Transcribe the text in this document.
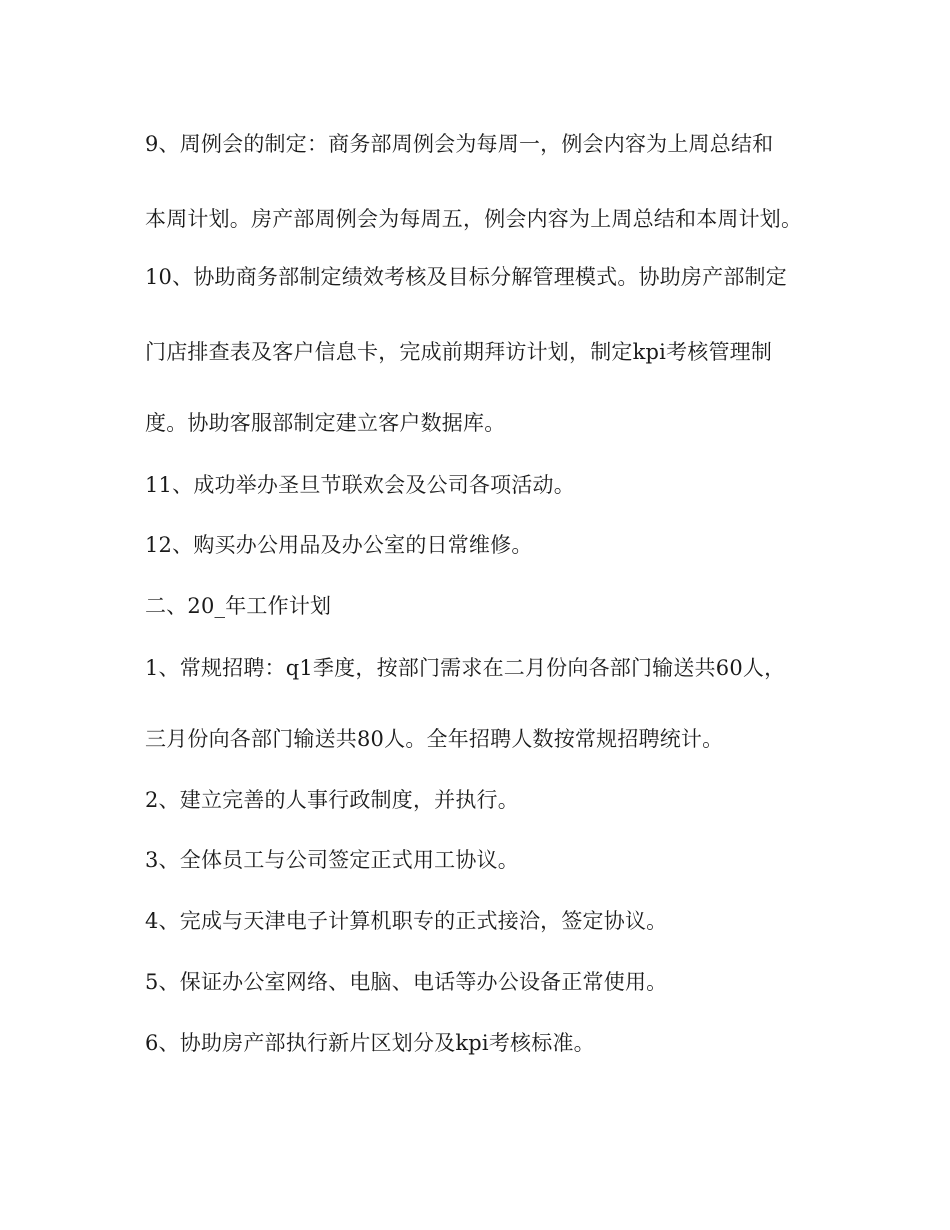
9、周例会的制定：商务部周例会为每周一，例会内容为上周总结和
本周计划。房产部周例会为每周五，例会内容为上周总结和本周计划。
10、协助商务部制定绩效考核及目标分解管理模式。协助房产部制定
门店排查表及客户信息卡，完成前期拜访计划，制定kpi考核管理制
度。协助客服部制定建立客户数据库。
11、成功举办圣旦节联欢会及公司各项活动。
12、购买办公用品及办公室的日常维修。
二、20_年工作计划
1、常规招聘：q1季度，按部门需求在二月份向各部门输送共60人，
三月份向各部门输送共80人。全年招聘人数按常规招聘统计。
2、建立完善的人事行政制度，并执行。
3、全体员工与公司签定正式用工协议。
4、完成与天津电子计算机职专的正式接洽，签定协议。
5、保证办公室网络、电脑、电话等办公设备正常使用。
6、协助房产部执行新片区划分及kpi考核标准。
